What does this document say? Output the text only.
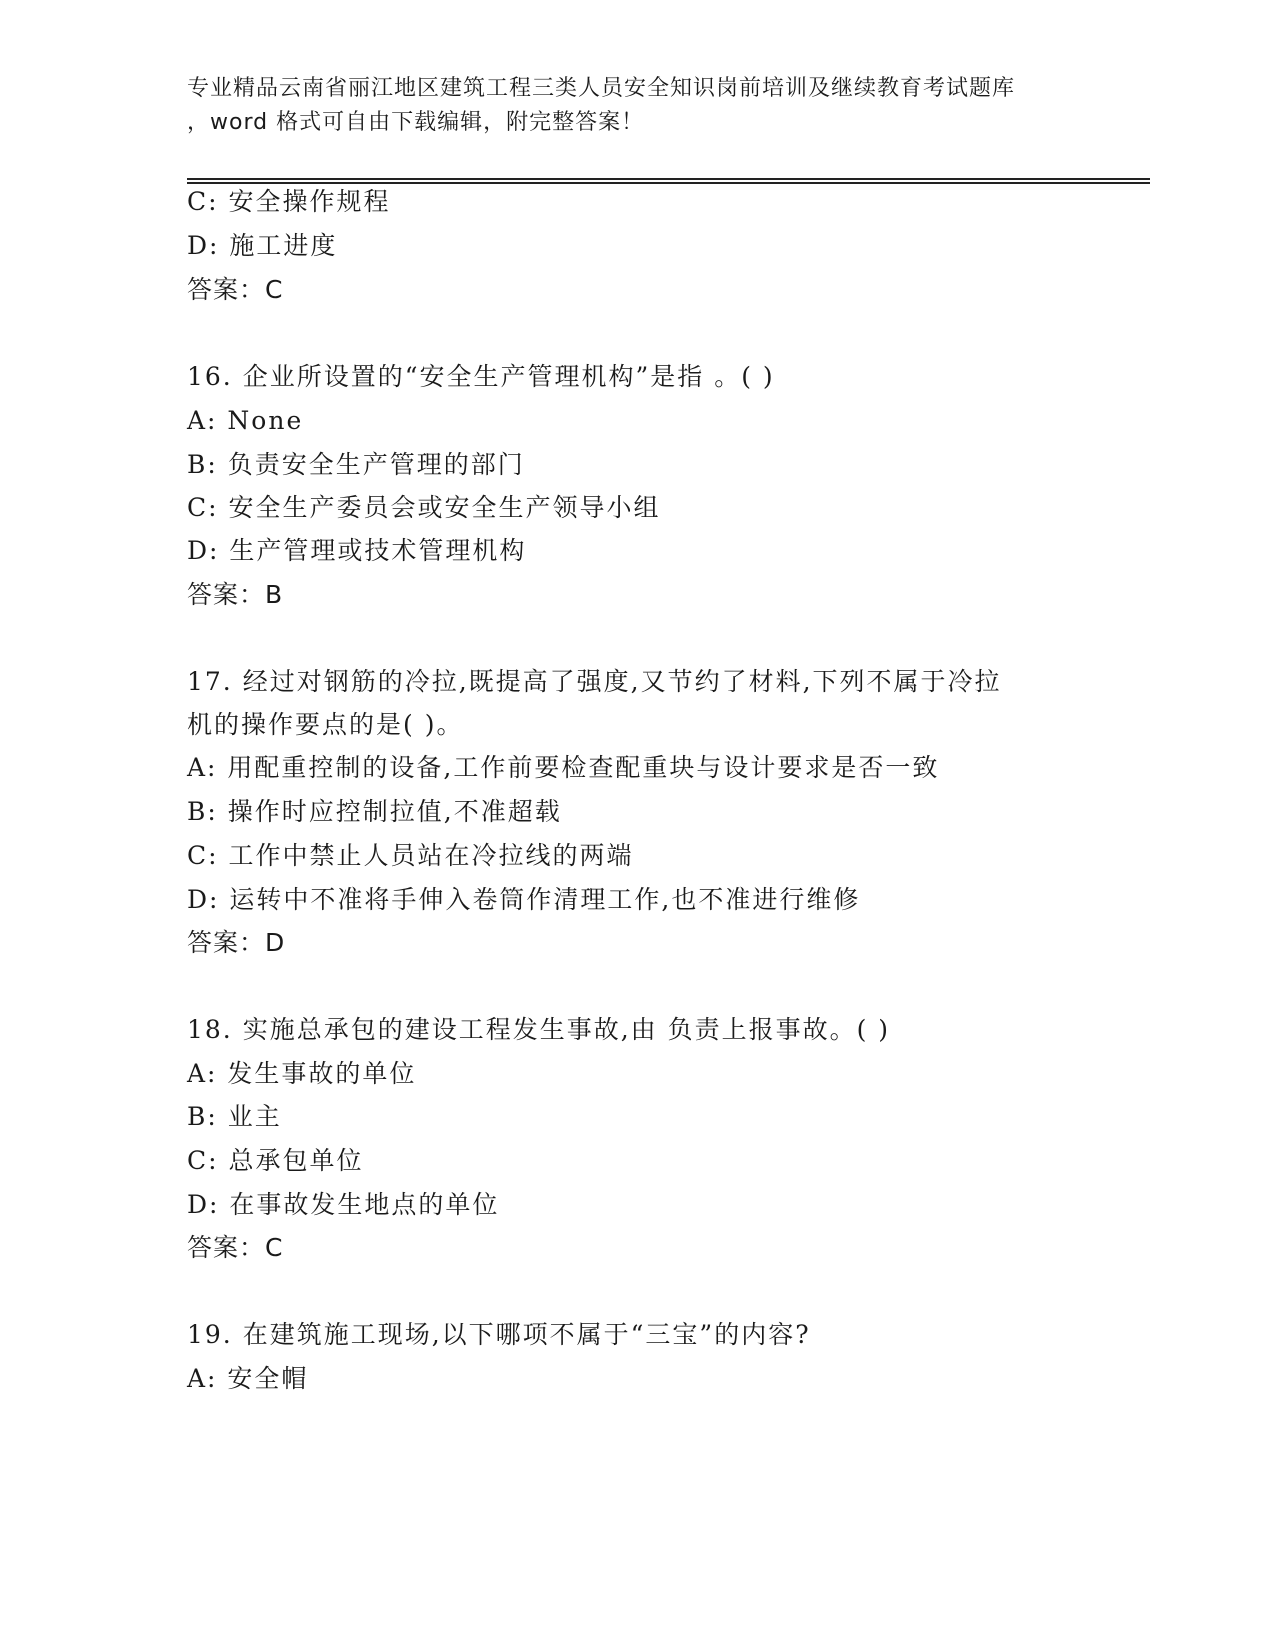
专业精品云南省丽江地区建筑工程三类人员安全知识岗前培训及继续教育考试题库
，word 格式可自由下载编辑，附完整答案！
C: 安全操作规程
D: 施工进度
答案：C
16. 企业所设置的“安全生产管理机构”是指 。( )
A: None
B: 负责安全生产管理的部门
C: 安全生产委员会或安全生产领导小组
D: 生产管理或技术管理机构
答案：B
17. 经过对钢筋的冷拉,既提高了强度,又节约了材料,下列不属于冷拉
机的操作要点的是( )。
A: 用配重控制的设备,工作前要检查配重块与设计要求是否一致
B: 操作时应控制拉值,不准超载
C: 工作中禁止人员站在冷拉线的两端
D: 运转中不准将手伸入卷筒作清理工作,也不准进行维修
答案：D
18. 实施总承包的建设工程发生事故,由 负责上报事故。( )
A: 发生事故的单位
B: 业主
C: 总承包单位
D: 在事故发生地点的单位
答案：C
19. 在建筑施工现场,以下哪项不属于“三宝”的内容?
A: 安全帽
